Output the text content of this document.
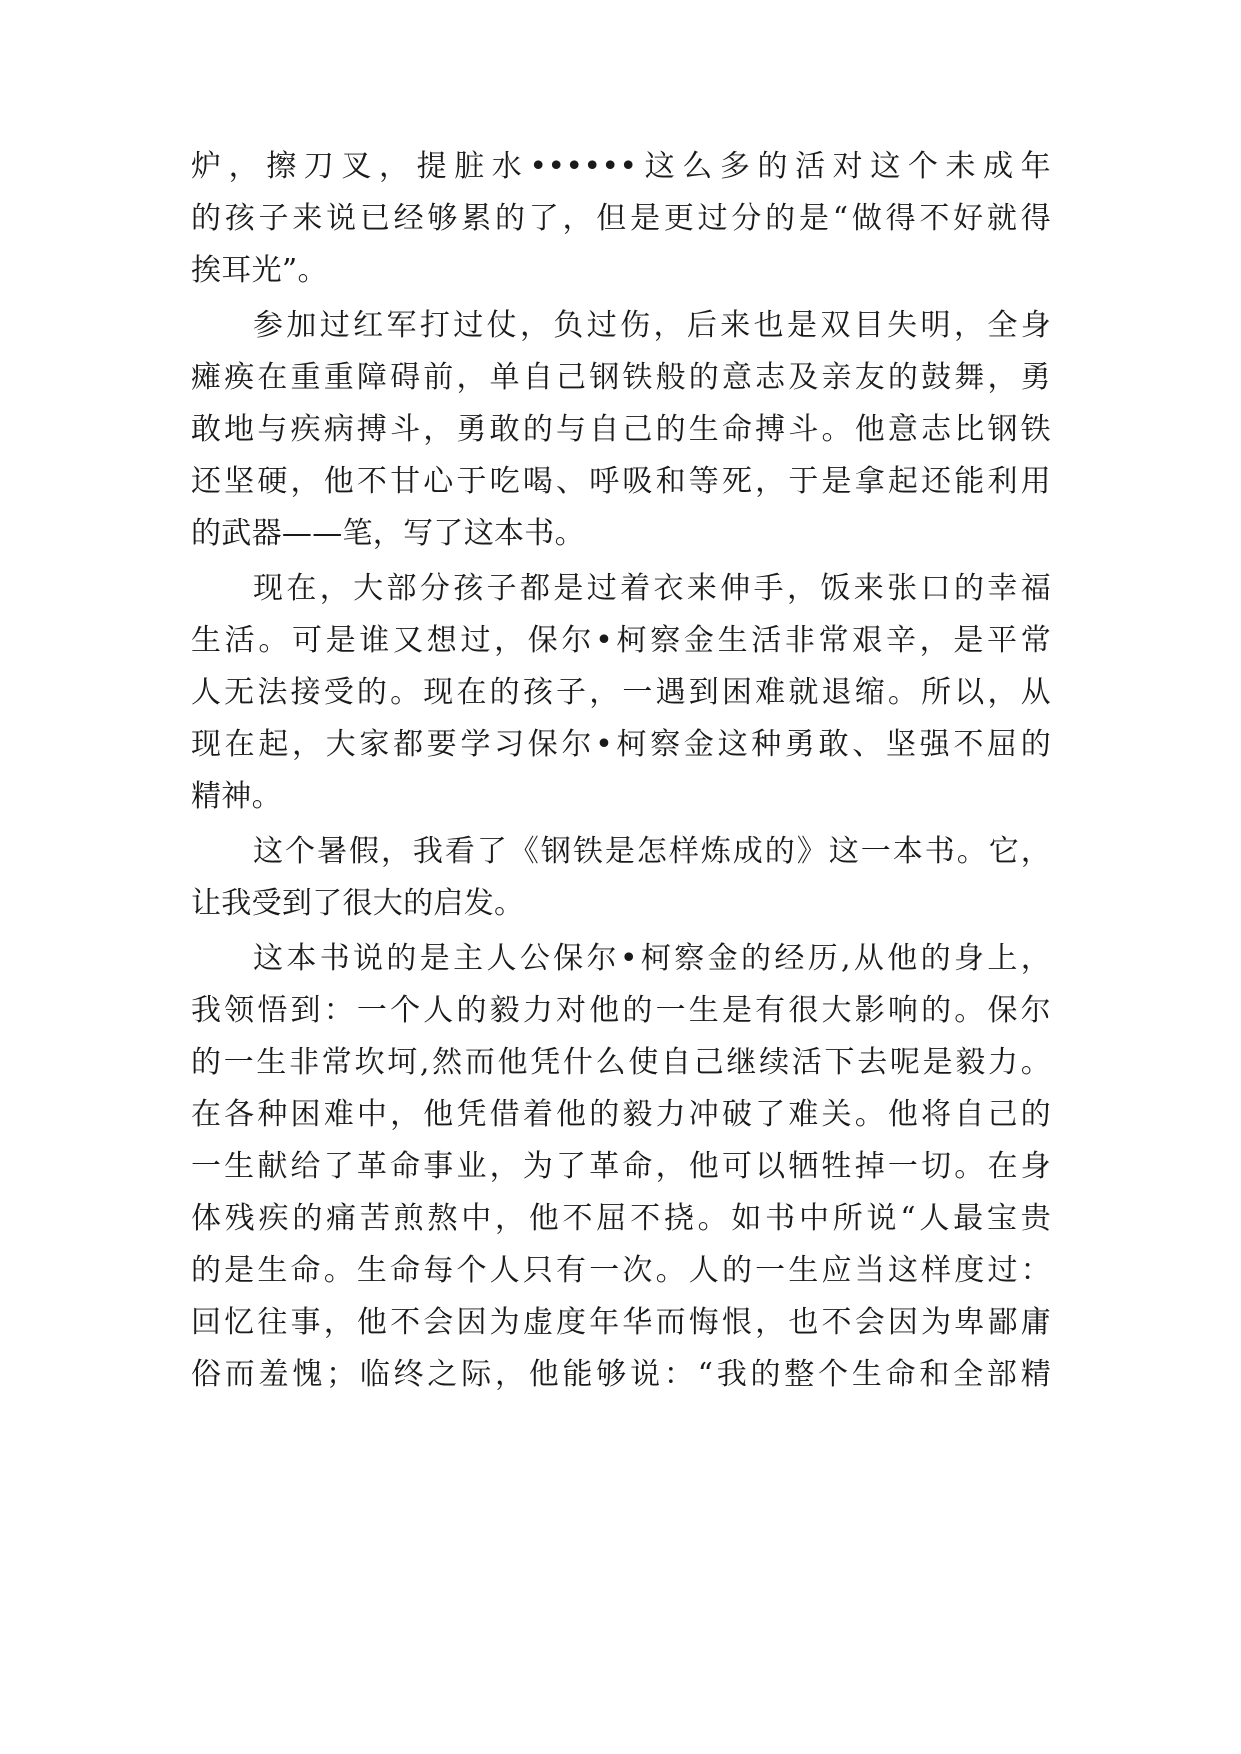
炉，擦刀叉，提脏水••••••这么多的活对这个未成年
的孩子来说已经够累的了，但是更过分的是“做得不好就得
挨耳光”。
参加过红军打过仗，负过伤，后来也是双目失明，全身
瘫痪在重重障碍前，单自己钢铁般的意志及亲友的鼓舞，勇
敢地与疾病搏斗，勇敢的与自己的生命搏斗。他意志比钢铁
还坚硬，他不甘心于吃喝、呼吸和等死，于是拿起还能利用
的武器——笔，写了这本书。
现在，大部分孩子都是过着衣来伸手，饭来张口的幸福
生活。可是谁又想过，保尔•柯察金生活非常艰辛，是平常
人无法接受的。现在的孩子，一遇到困难就退缩。所以，从
现在起，大家都要学习保尔•柯察金这种勇敢、坚强不屈的
精神。
这个暑假，我看了《钢铁是怎样炼成的》这一本书。它，
让我受到了很大的启发。
这本书说的是主人公保尔•柯察金的经历,从他的身上，
我领悟到：一个人的毅力对他的一生是有很大影响的。保尔
的一生非常坎坷,然而他凭什么使自己继续活下去呢是毅力。
在各种困难中，他凭借着他的毅力冲破了难关。他将自己的
一生献给了革命事业，为了革命，他可以牺牲掉一切。在身
体残疾的痛苦煎熬中，他不屈不挠。如书中所说“人最宝贵
的是生命。生命每个人只有一次。人的一生应当这样度过：
回忆往事，他不会因为虚度年华而悔恨，也不会因为卑鄙庸
俗而羞愧；临终之际，他能够说：“我的整个生命和全部精
